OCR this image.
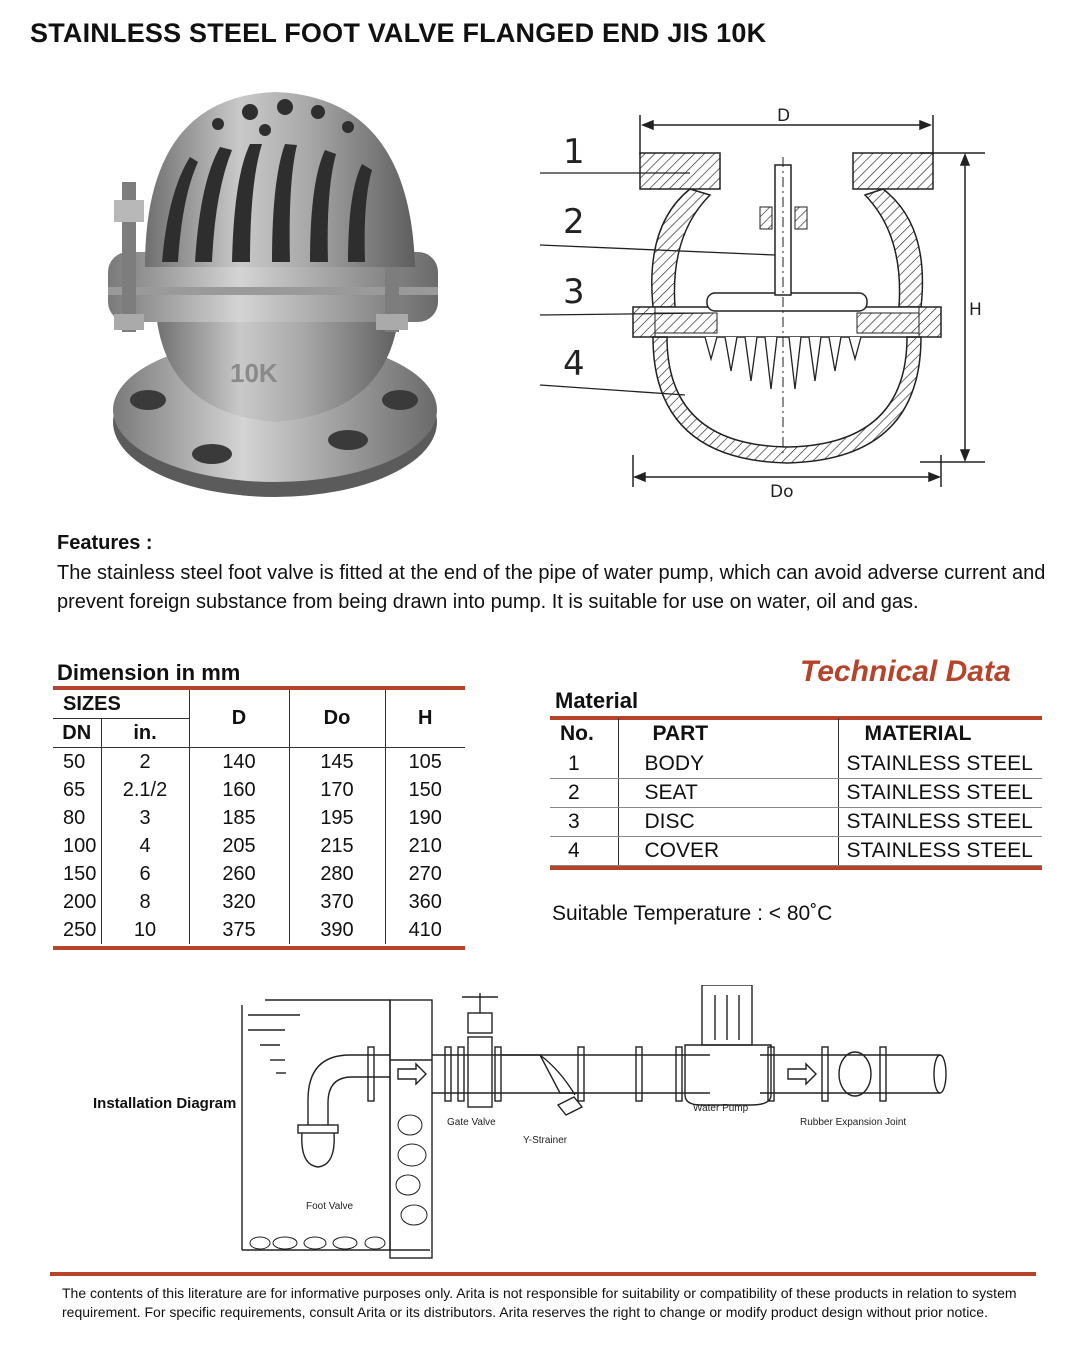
STAINLESS STEEL FOOT VALVE FLANGED END JIS 10K
10K
1
2
3
4
D
H
Do
Features :
The stainless steel foot valve is fitted at the end of the pipe of water pump, which can avoid adverse current and prevent foreign substance from being drawn into pump. It is suitable for use on water, oil and gas.
Dimension in mm
SIZES		D	Do	H
DN	in.			
50	2	140	145	105
65	2.1/2	160	170	150
80	3	185	195	190
100	4	205	215	210
150	6	260	280	270
200	8	320	370	360
250	10	375	390	410
Technical Data
Material
No.	PART	MATERIAL
1	BODY	STAINLESS STEEL
2	SEAT	STAINLESS STEEL
3	DISC	STAINLESS STEEL
4	COVER	STAINLESS STEEL
Suitable Temperature : < 80˚C
Installation Diagram
Gate Valve
Y-Strainer
Water Pump
Rubber Expansion Joint
Foot Valve
The contents of this literature are for informative purposes only. Arita is not responsible for suitability or compatibility of these products in relation to system requirement. For specific requirements, consult Arita or its distributors. Arita reserves the right to change or modify product design without prior notice.
